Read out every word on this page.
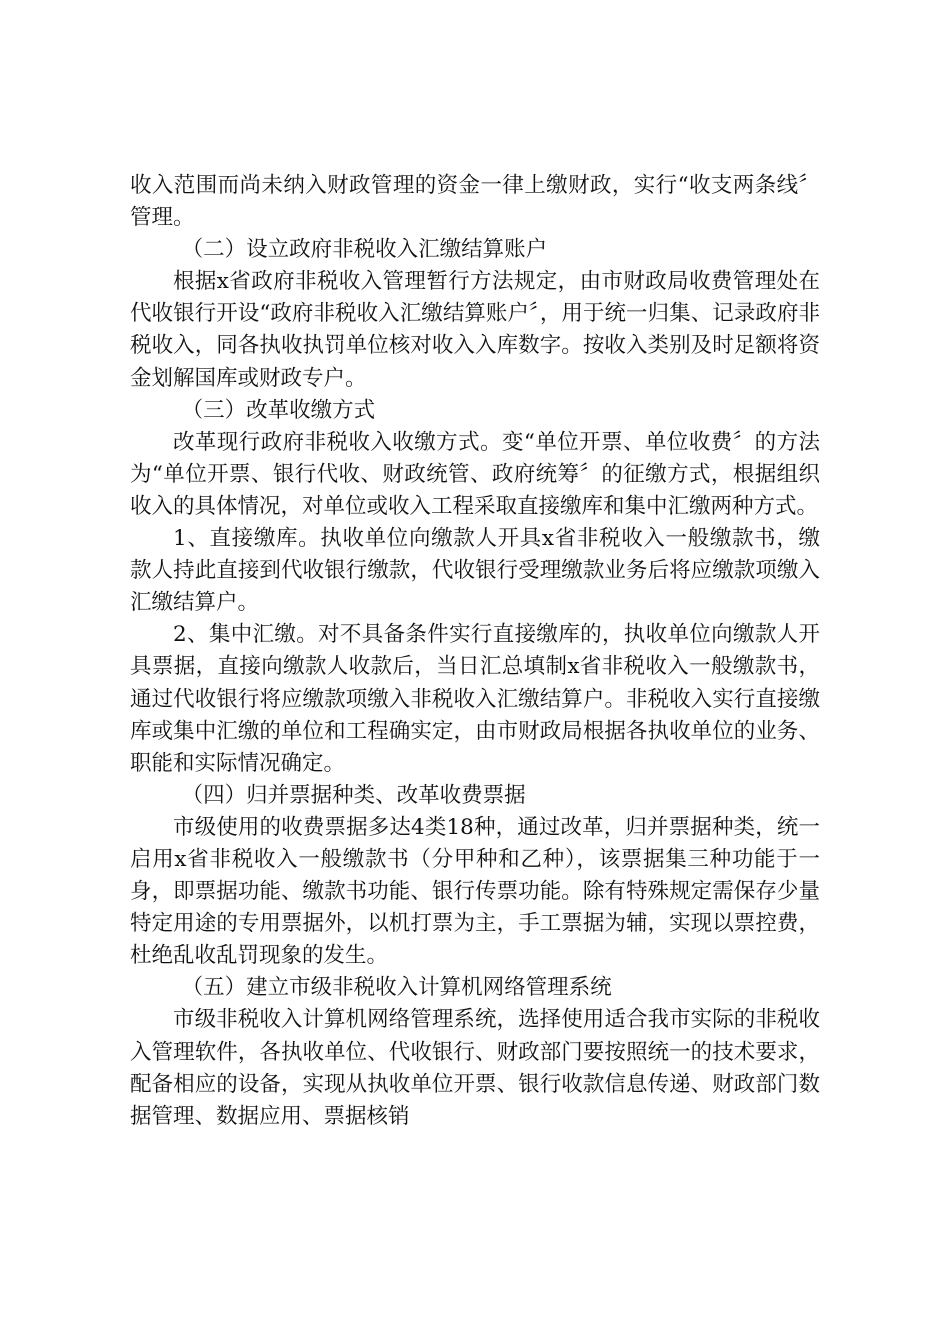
收入范围而尚未纳入财政管理的资金一律上缴财政，实行“收支两条线〞管理。

（二）设立政府非税收入汇缴结算账户

根据x省政府非税收入管理暂行方法规定，由市财政局收费管理处在代收银行开设“政府非税收入汇缴结算账户〞，用于统一归集、记录政府非税收入，同各执收执罚单位核对收入入库数字。按收入类别及时足额将资金划解国库或财政专户。

（三）改革收缴方式

改革现行政府非税收入收缴方式。变“单位开票、单位收费〞的方法为“单位开票、银行代收、财政统管、政府统筹〞的征缴方式，根据组织收入的具体情况，对单位或收入工程采取直接缴库和集中汇缴两种方式。

1、直接缴库。执收单位向缴款人开具x省非税收入一般缴款书，缴款人持此直接到代收银行缴款，代收银行受理缴款业务后将应缴款项缴入汇缴结算户。

2、集中汇缴。对不具备条件实行直接缴库的，执收单位向缴款人开具票据，直接向缴款人收款后，当日汇总填制x省非税收入一般缴款书，通过代收银行将应缴款项缴入非税收入汇缴结算户。非税收入实行直接缴库或集中汇缴的单位和工程确实定，由市财政局根据各执收单位的业务、职能和实际情况确定。

（四）归并票据种类、改革收费票据

市级使用的收费票据多达4类18种，通过改革，归并票据种类，统一启用x省非税收入一般缴款书（分甲种和乙种），该票据集三种功能于一身，即票据功能、缴款书功能、银行传票功能。除有特殊规定需保存少量特定用途的专用票据外，以机打票为主，手工票据为辅，实现以票控费，杜绝乱收乱罚现象的发生。

（五）建立市级非税收入计算机网络管理系统

市级非税收入计算机网络管理系统，选择使用适合我市实际的非税收入管理软件，各执收单位、代收银行、财政部门要按照统一的技术要求，配备相应的设备，实现从执收单位开票、银行收款信息传递、财政部门数据管理、数据应用、票据核销
